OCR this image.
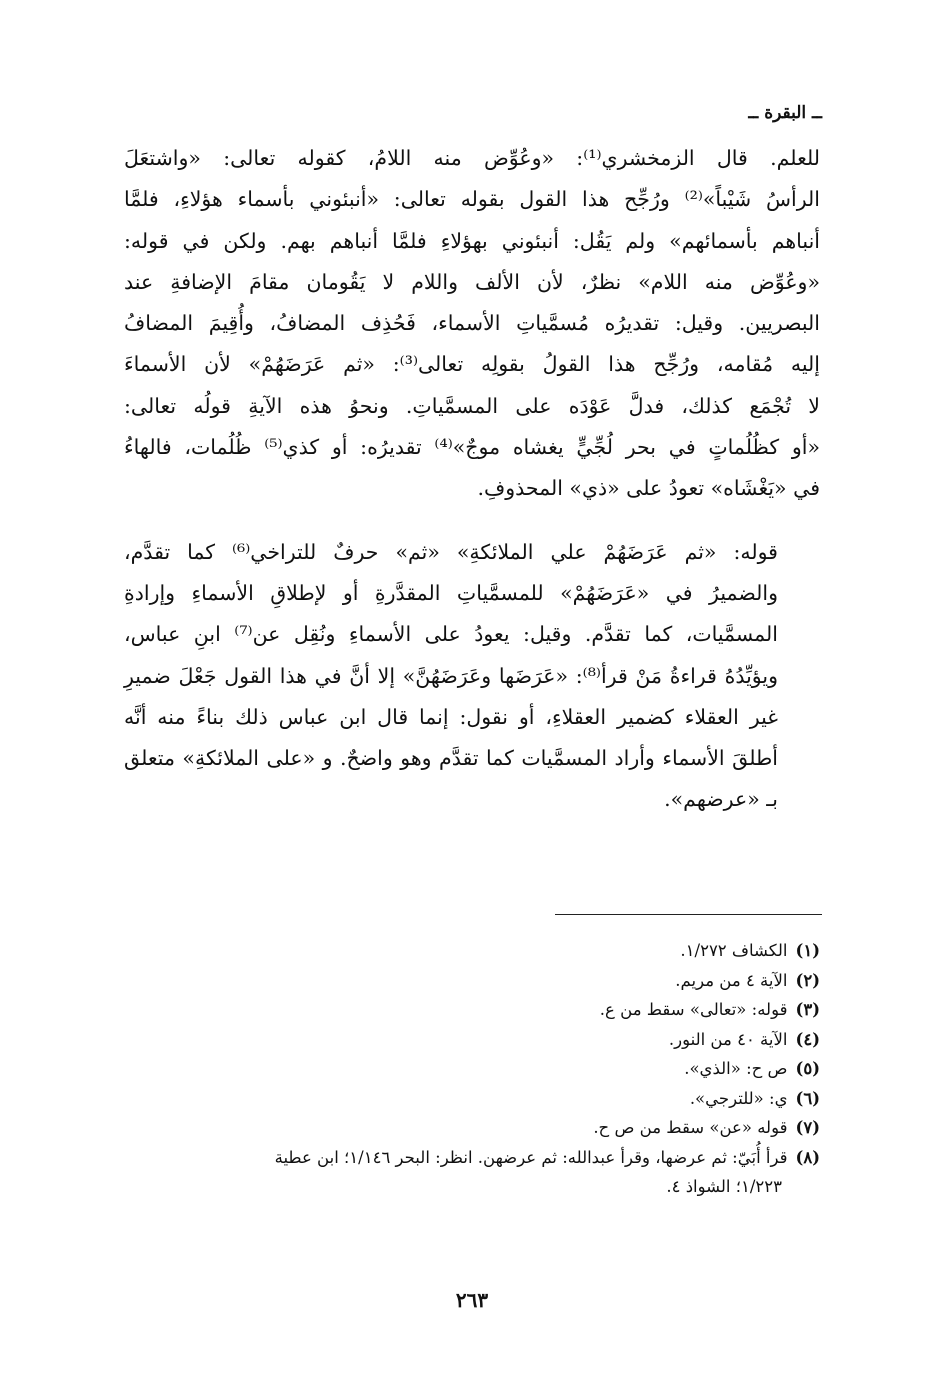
ــ البقرة ــ

للعلم. قال الزمخشري⁽¹⁾: «وعُوِّض منه اللامُ، كقوله تعالى: «واشتعَلَ
الرأسُ شَيْباً»⁽²⁾ ورُجِّح هذا القول بقوله تعالى: «أنبئوني بأسماء هؤلاءِ، فلمَّا
أنباهم بأسمائهم» ولم يَقُل: أنبئوني بهؤلاءِ فلمَّا أنباهم بهم. ولكن في قوله:
«وعُوِّض منه اللام» نظرٌ، لأن الألف واللام لا يَقُومان مقامَ الإضافةِ عند
البصريين. وقيل: تقديرُه مُسمَّياتِ الأسماء، فَحُذِف المضافُ، وأُقِيمَ المضافُ
إليه مُقامه، ورُجِّح هذا القولُ بقولِه تعالى⁽³⁾: «ثم عَرَضَهُمْ» لأن الأسماءَ
لا تُجْمَع كذلك، فدلَّ عَوْدَه على المسمَّياتِ. ونحوُ هذه الآيةِ قولُه تعالى:
«أو كظُلُماتٍ في بحر لُجِّيٍّ يغشاه موجٌ»⁽⁴⁾ تقديرُه: أو كذي⁽⁵⁾ ظُلُمات، فالهاءُ
في «يَغْشَاه» تعودُ على «ذي» المحذوفِ.

قوله: «ثم عَرَضَهُمْ علي الملائكةِ» «ثم» حرفٌ للتراخي⁽⁶⁾ كما تقدَّم،
والضميرُ في «عَرَضَهُمْ» للمسمَّياتِ المقدَّرةِ أو لإطلاقِ الأسماءِ وإرادةِ
المسمَّيات، كما تقدَّم. وقيل: يعودُ على الأسماءِ ونُقِل عن⁽⁷⁾ ابنِ عباس،
ويؤيِّدُهُ قراءةُ مَنْ قرأ⁽⁸⁾: «عَرَضَها وعَرَضَهُنَّ» إلا أنَّ في هذا القول جَعْلَ ضميرِ
غير العقلاء كضمير العقلاءِ، أو نقول: إنما قال ابن عباس ذلك بناءً منه أنَّه
أطلقَ الأسماء وأراد المسمَّيات كما تقدَّم وهو واضحٌ. و «على الملائكةِ» متعلق
بـ «عرضهم».

(١)الكشاف ١/٢٧٢.
(٢)الآية ٤ من مريم.
(٣)قوله: «تعالى» سقط من ع.
(٤)الآية ٤٠ من النور.
(٥)ص ح: «الذي».
(٦)ي: «للترجي».
(٧)قوله «عن» سقط من ص ح.
(٨)قرأ أُبَيّ: ثم عرضها، وقرأ عبدالله: ثم عرضهن. انظر: البحر ١/١٤٦؛ ابن عطية
١/٢٢٣؛ الشواذ ٤.
٢٦٣
